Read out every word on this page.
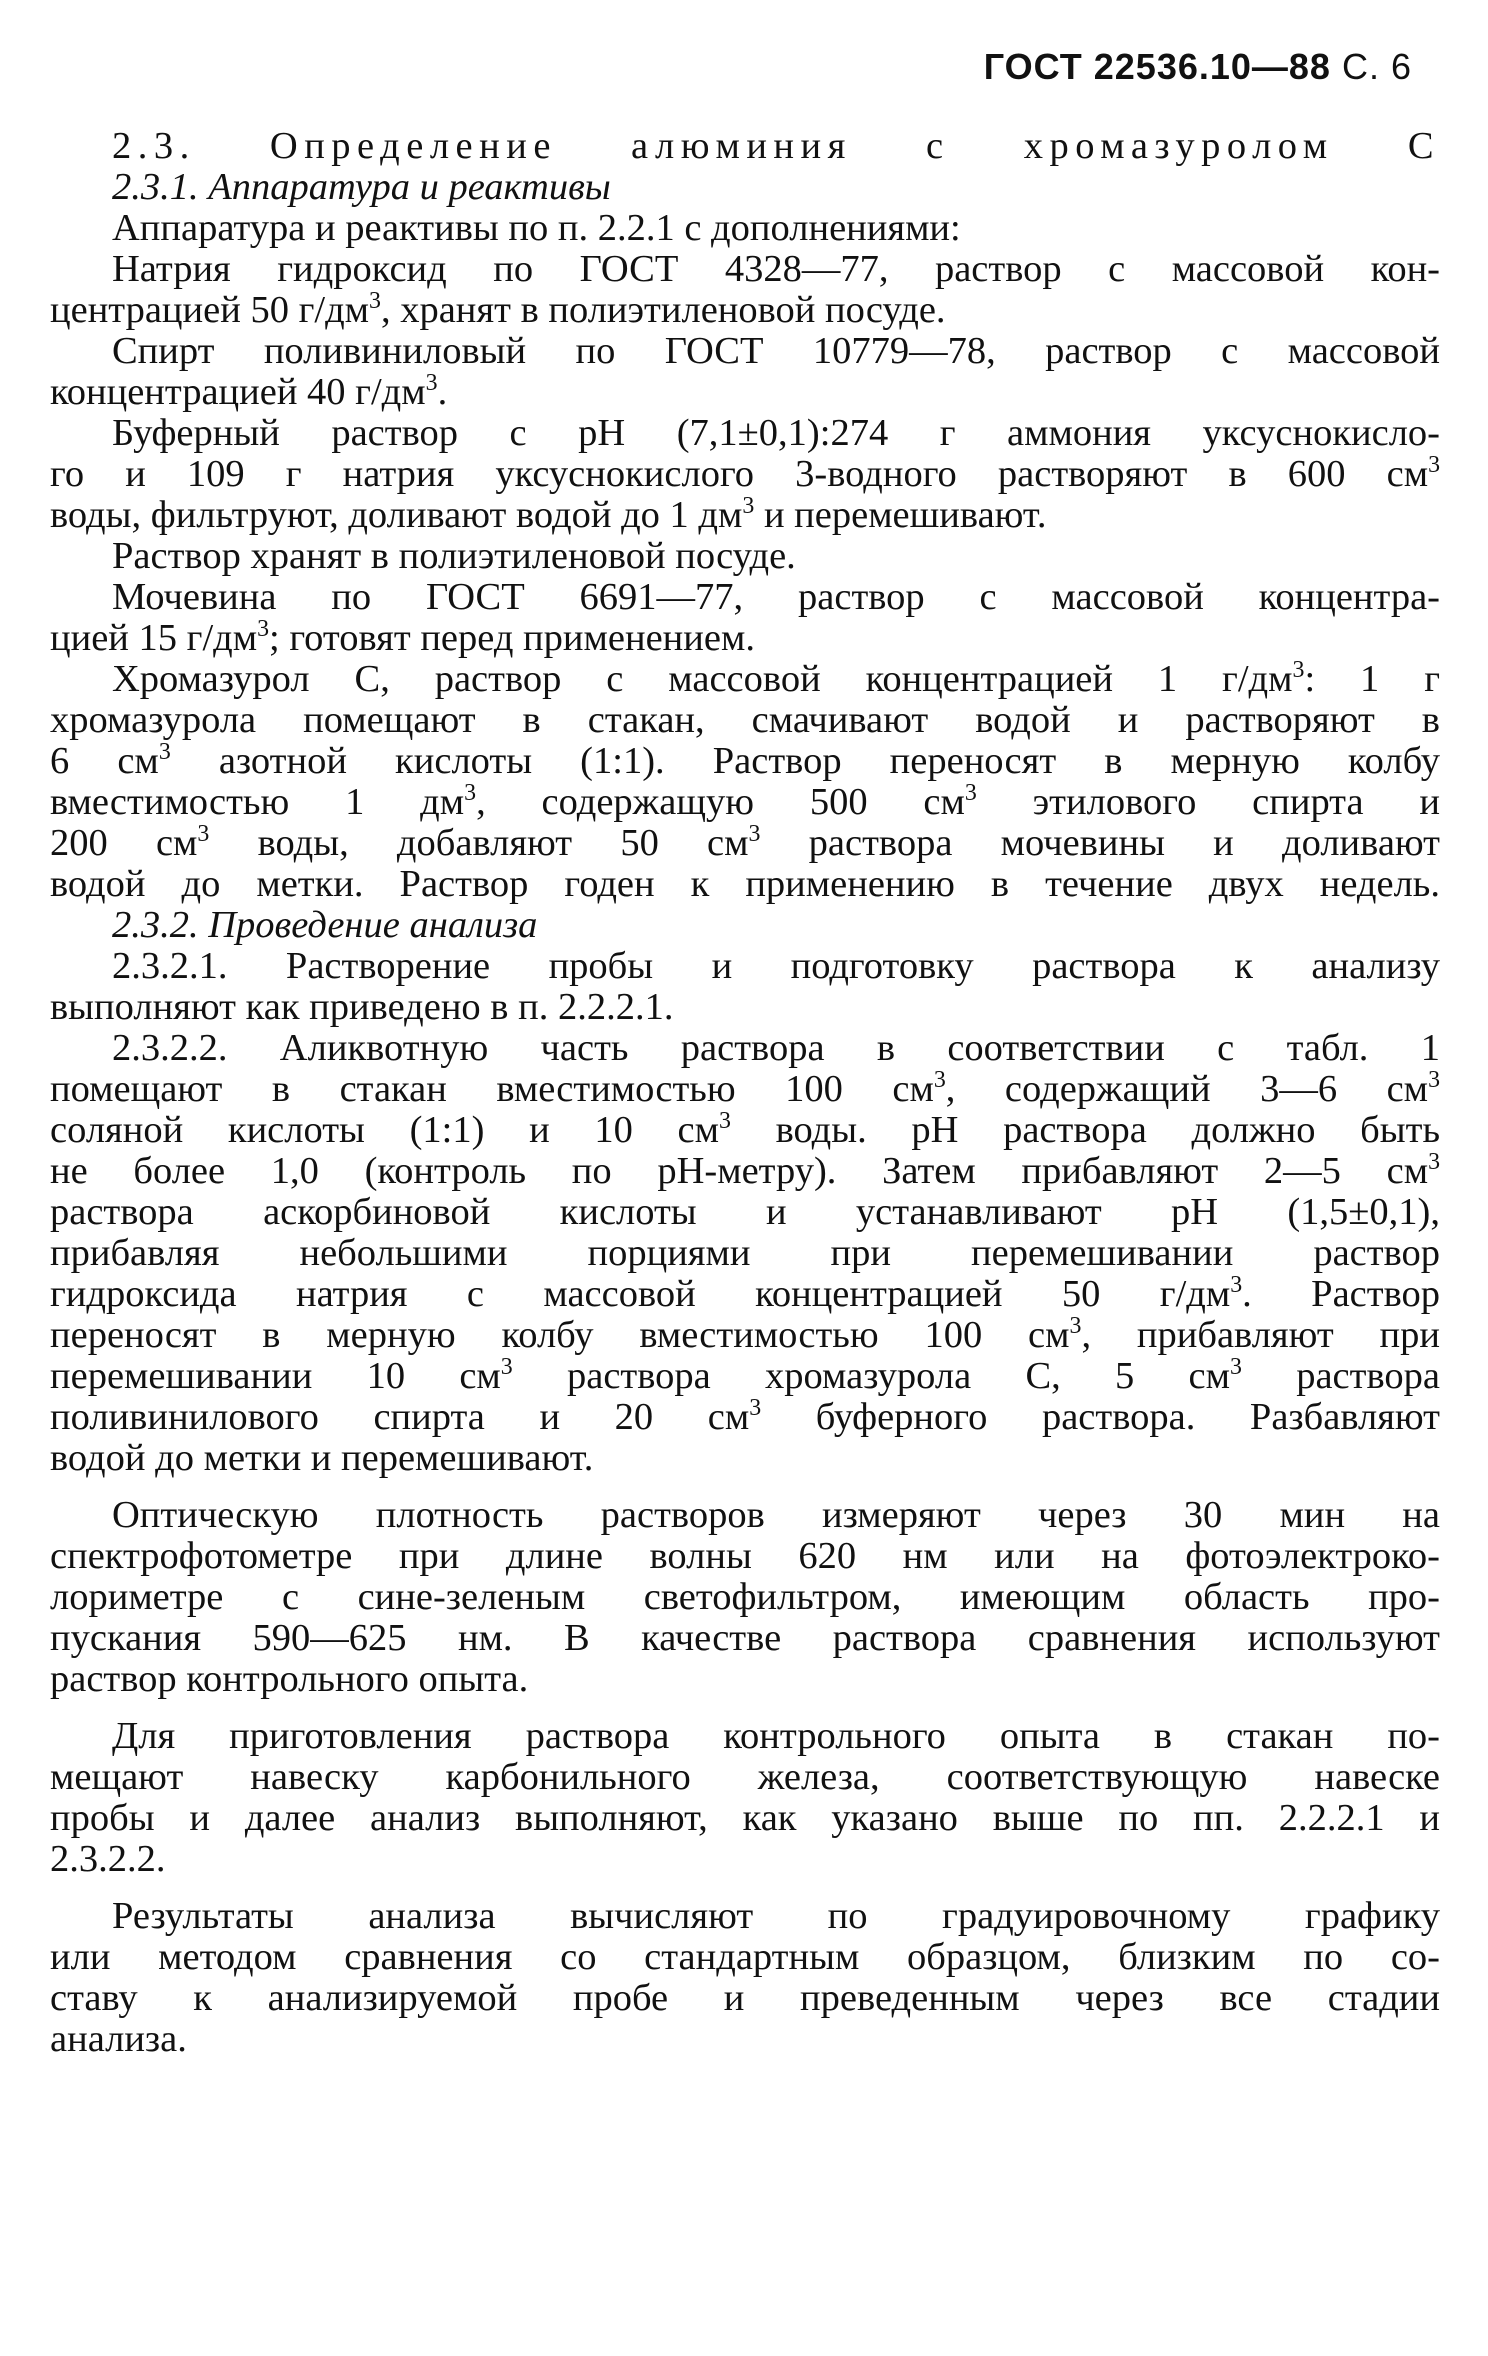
ГОСТ 22536.10—88 С. 6
2.3. Определение алюминия с хромазуролом С
2.3.1. Аппаратура и реактивы
Аппаратура и реактивы по п. 2.2.1 с дополнениями:
Натрия гидроксид по ГОСТ 4328—77, раствор с массовой кон-
центрацией 50 $г/дм^3$, хранят в полиэтиленовой посуде.
Спирт поливиниловый по ГОСТ 10779—78, раствор с массовой
концентрацией 40 $г/дм^3$.
Буферный раствор с рН (7,1±0,1):274 г аммония уксуснокисло-
го и 109 г натрия уксуснокислого 3-водного растворяют в 600 $см^3$
воды, фильтруют, доливают водой до 1 $дм^3$ и перемешивают.
Раствор хранят в полиэтиленовой посуде.
Мочевина по ГОСТ 6691—77, раствор с массовой концентра-
цией 15 $г/дм^3$; готовят перед применением.
Хромазурол С, раствор с массовой концентрацией 1 $г/дм^3$: 1 г
хромазурола помещают в стакан, смачивают водой и растворяют в
6 $см^3$ азотной кислоты (1:1). Раствор переносят в мерную колбу
вместимостью 1 $дм^3$, содержащую 500 $см^3$ этилового спирта и
200 $см^3$ воды, добавляют 50 $см^3$ раствора мочевины и доливают
водой до метки. Раствор годен к применению в течение двух недель.
2.3.2. Проведение анализа
2.3.2.1. Растворение пробы и подготовку раствора к анализу
выполняют как приведено в п. 2.2.2.1.
2.3.2.2. Аликвотную часть раствора в соответствии с табл. 1
помещают в стакан вместимостью 100 $см^3$, содержащий 3—6 $см^3$
соляной кислоты (1:1) и 10 $см^3$ воды. рН раствора должно быть
не более 1,0 (контроль по рН-метру). Затем прибавляют 2—5 $см^3$
раствора аскорбиновой кислоты и устанавливают рН (1,5±0,1),
прибавляя небольшими порциями при перемешивании раствор
гидроксида натрия с массовой концентрацией 50 $г/дм^3$. Раствор
переносят в мерную колбу вместимостью 100 $см^3$, прибавляют при
перемешивании 10 $см^3$ раствора хромазурола С, 5 $см^3$ раствора
поливинилового спирта и 20 $см^3$ буферного раствора. Разбавляют
водой до метки и перемешивают.
Оптическую плотность растворов измеряют через 30 мин на
спектрофотометре при длине волны 620 нм или на фотоэлектроко-
лориметре с сине-зеленым светофильтром, имеющим область про-
пускания 590—625 нм. В качестве раствора сравнения используют
раствор контрольного опыта.
Для приготовления раствора контрольного опыта в стакан по-
мещают навеску карбонильного железа, соответствующую навеске
пробы и далее анализ выполняют, как указано выше по пп. 2.2.2.1 и
2.3.2.2.
Результаты анализа вычисляют по градуировочному графику
или методом сравнения со стандартным образцом, близким по со-
ставу к анализируемой пробе и преведенным через все стадии
анализа.
